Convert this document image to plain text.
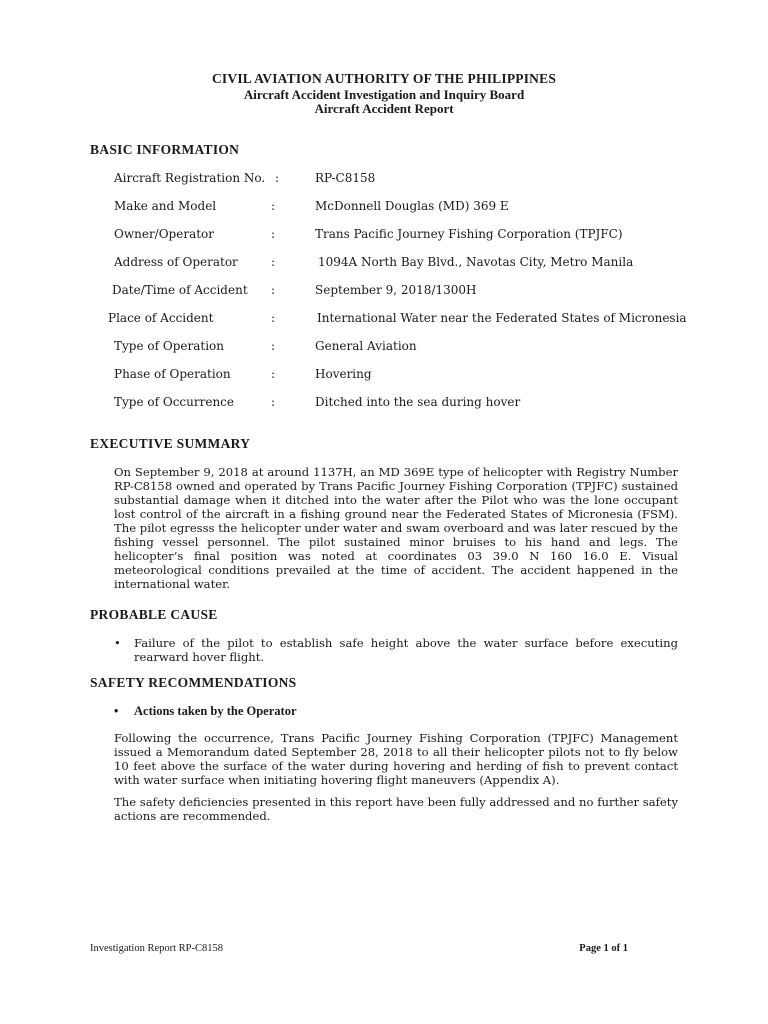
CIVIL AVIATION AUTHORITY OF THE PHILIPPINES
Aircraft Accident Investigation and Inquiry Board
Aircraft Accident Report
BASIC INFORMATION
Aircraft Registration No. :	RP-C8158
Make and Model	:	McDonnell Douglas (MD) 369 E
Owner/Operator	:	Trans Pacific Journey Fishing Corporation (TPJFC)
Address of Operator	:	1094A North Bay Blvd., Navotas City, Metro Manila
Date/Time of Accident :	September 9, 2018/1300H
Place of Accident	:	International Water near the Federated States of Micronesia
Type of Operation	:	General Aviation
Phase of Operation	:	Hovering
Type of Occurrence	:	Ditched into the sea during hover
EXECUTIVE SUMMARY

On September 9, 2018 at around 1137H, an MD 369E type of helicopter with Registry Number RP-C8158 owned and operated by Trans Pacific Journey Fishing Corporation (TPJFC) sustained substantial damage when it ditched into the water after the Pilot who was the lone occupant lost control of the aircraft in a fishing ground near the Federated States of Micronesia (FSM). The pilot egresss the helicopter under water and swam overboard and was later rescued by the fishing vessel personnel. The pilot sustained minor bruises to his hand and legs. The helicopter’s final position was noted at coordinates 03 39.0 N 160 16.0 E. Visual meteorological conditions prevailed at the time of accident. The accident happened in the international water.

PROBABLE CAUSE
• Failure of the pilot to establish safe height above the water surface before executing rearward hover flight.
SAFETY RECOMMENDATIONS
• Actions taken by the Operator

Following the occurrence, Trans Pacific Journey Fishing Corporation (TPJFC) Management issued a Memorandum dated September 28, 2018 to all their helicopter pilots not to fly below 10 feet above the surface of the water during hovering and herding of fish to prevent contact with water surface when initiating hovering flight maneuvers (Appendix A).

The safety deficiencies presented in this report have been fully addressed and no further safety actions are recommended.

Investigation Report RP-C8158	Page 1 of 1
